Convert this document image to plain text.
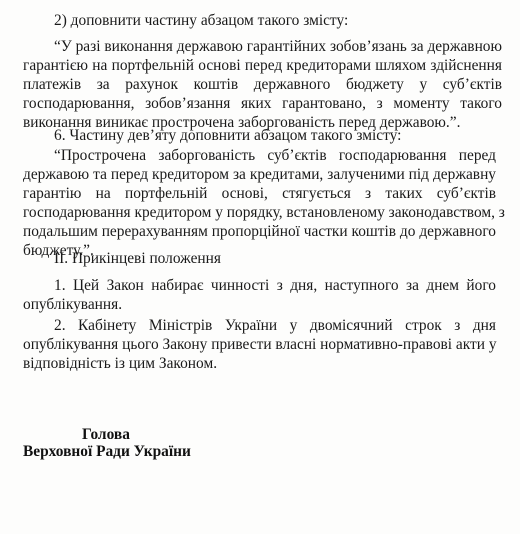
2) доповнити частину абзацом такого змісту:
“У разі виконання державою гарантійних зобов’язань за державною
гарантією на портфельній основі перед кредиторами шляхом здійснення
платежів за рахунок коштів державного бюджету у суб’єктів
господарювання, зобов’язання яких гарантовано, з моменту такого
виконання виникає прострочена заборгованість перед державою.”.
6. Частину дев’яту доповнити абзацом такого змісту:
“Прострочена заборгованість суб’єктів господарювання перед
державою та перед кредитором за кредитами, залученими під державну
гарантію на портфельній основі, стягується з таких суб’єктів
господарювання кредитором у порядку, встановленому законодавством, з
подальшим перерахуванням пропорційної частки коштів до державного
бюджету.”.
ІІ. Прикінцеві положення
1. Цей Закон набирає чинності з дня, наступного за днем його
опублікування.
2. Кабінету Міністрів України у двомісячний строк з дня
опублікування цього Закону привести власні нормативно-правові акти у
відповідність із цим Законом.
Голова
Верховної Ради України
